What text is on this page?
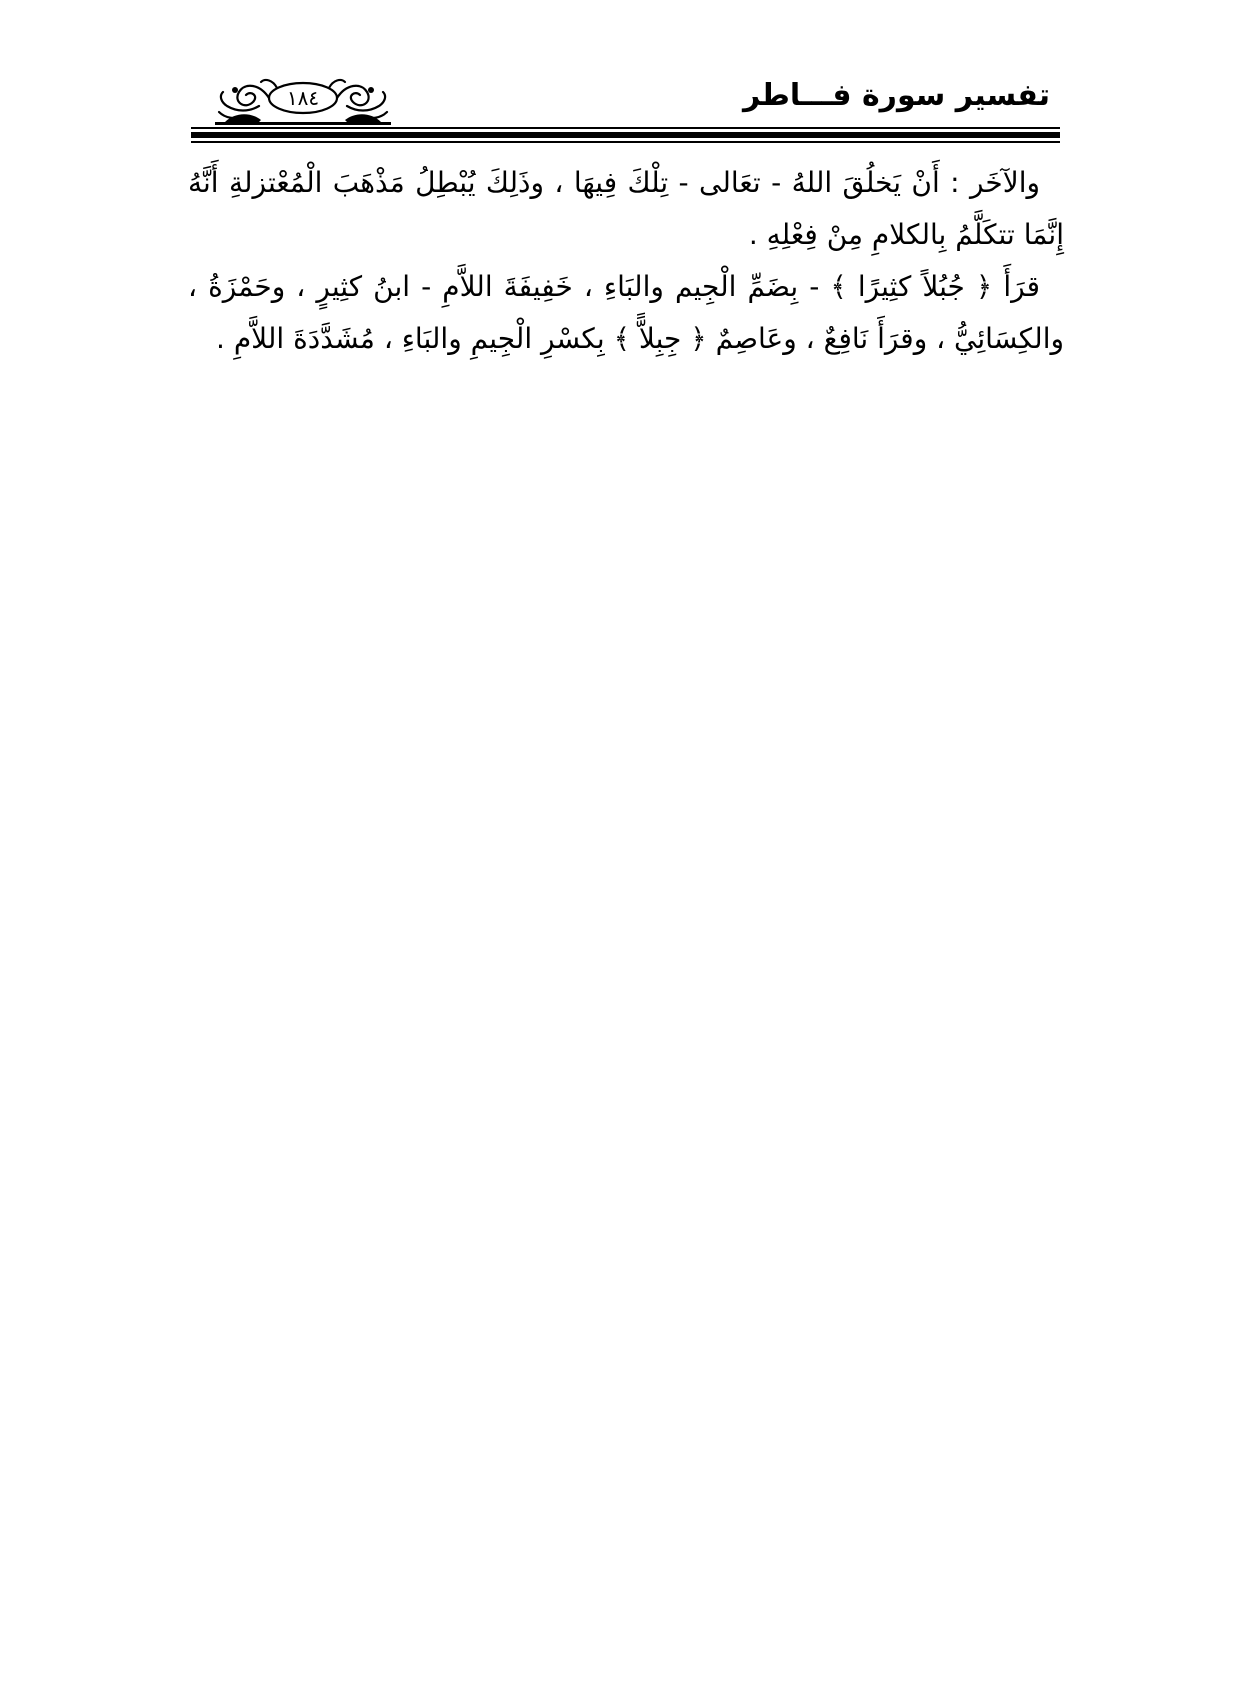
تفسير سورة فـــاطر
١٨٤

والآخَر : أَنْ يَخلُقَ اللهُ - تعَالى - تِلْكَ فِيهَا ، وذَلِكَ يُبْطِلُ مَذْهَبَ الْمُعْتزلةِ أَنَّهُ إِنَّمَا تتكَلَّمُ بِالكلامِ مِنْ فِعْلِهِ .

قرَأَ ﴿ جُبُلاً كثِيرًا ﴾ - بِضَمِّ الْجِيم والبَاءِ ، خَفِيفَةَ اللاَّمِ - ابنُ كثِيرٍ ، وحَمْزَةُ ، والكِسَائِيُّ ، وقرَأَ نَافِعٌ ، وعَاصِمٌ ﴿ جِبِلاًّ ﴾ بِكسْرِ الْجِيمِ والبَاءِ ، مُشَدَّدَةَ اللاَّمِ .
